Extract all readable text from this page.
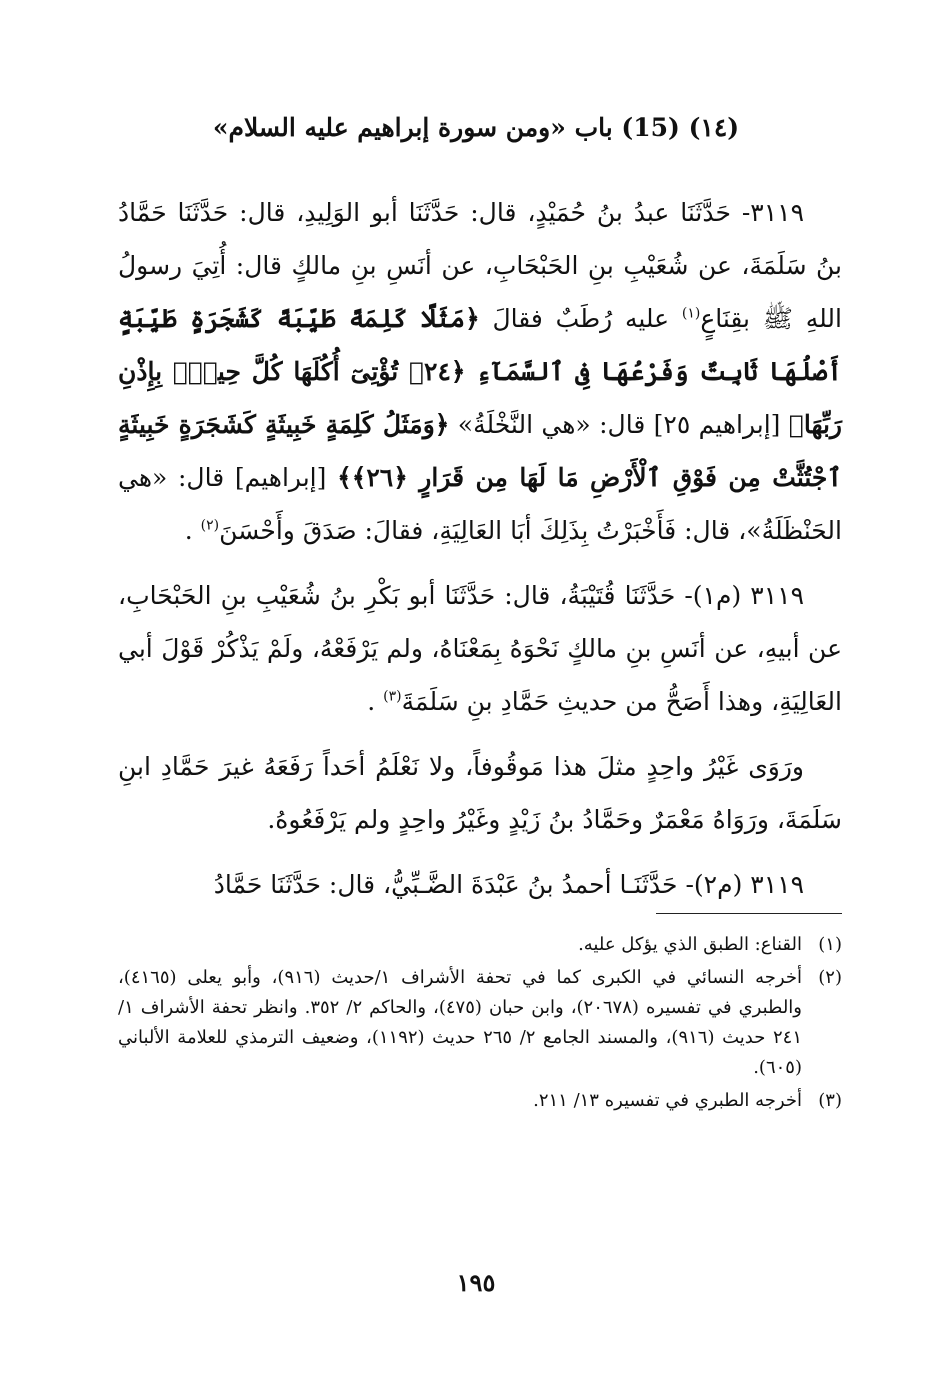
(١٤) (15) باب «ومن سورة إبراهيم عليه السلام»

٣١١٩- حَدَّثَنَا عبدُ بنُ حُمَيْدٍ، قال: حَدَّثَنَا أبو الوَلِيدِ، قال: حَدَّثَنَا حَمَّادُ بنُ سَلَمَةَ، عن شُعَيْبِ بنِ الحَبْحَابِ، عن أنَسِ بنِ مالكٍ قال: أُتِيَ رسولُ اللهِ ﷺ بقِنَاعٍ$^{(١)}$ عليه رُطَبٌ فقالَ ﴿مَثَلًا كَلِمَةً طَيِّبَةً كَشَجَرَةٍ طَيِّبَةٍ أَصْلُهَا ثَابِتٌ وَفَرْعُهَا فِى ٱلسَّمَآءِ ﴿٢٤﴾ تُؤْتِىٓ أُكُلَهَا كُلَّ حِينٍۭ بِإِذْنِ رَبِّهَا﴾ [إبراهيم ٢٥] قال: «هي النَّخْلَةُ» ﴿وَمَثَلُ كَلِمَةٍ خَبِيثَةٍ كَشَجَرَةٍ خَبِيثَةٍ ٱجْتُثَّتْ مِن فَوْقِ ٱلْأَرْضِ مَا لَهَا مِن قَرَارٍ ﴿٢٦﴾﴾ [إبراهيم] قال: «هي الحَنْظَلَةُ»، قال: فَأَخْبَرْتُ بِذَلِكَ أبَا العَالِيَةِ، فقالَ: صَدَقَ وأَحْسَنَ$^{(٢)}$ .

٣١١٩ (م١)- حَدَّثَنَا قُتَيْبَةُ، قال: حَدَّثَنَا أبو بَكْرِ بنُ شُعَيْبِ بنِ الحَبْحَابِ، عن أبيهِ، عن أنَسِ بنِ مالكٍ نَحْوَهُ بِمَعْنَاهُ، ولم يَرْفَعْهُ، ولَمْ يَذْكُرْ قَوْلَ أبي العَالِيَةِ، وهذا أَصَحُّ من حديثِ حَمَّادِ بنِ سَلَمَةَ$^{(٣)}$ .

ورَوَى غَيْرُ واحِدٍ مثلَ هذا مَوقُوفاً، ولا نَعْلَمُ أحَداً رَفَعَهُ غيرَ حَمَّادِ ابنِ سَلَمَةَ، ورَوَاهُ مَعْمَرٌ وحَمَّادُ بنُ زَيْدٍ وغَيْرُ واحِدٍ ولم يَرْفَعُوهُ.

٣١١٩ (م٢)- حَدَّثَنَـا أحمدُ بنُ عَبْدَةَ الضَّـبِّيُّ، قال: حَدَّثَنَا حَمَّادُ

(١)
القناع: الطبق الذي يؤكل عليه.
(٢)
أخرجه النسائي في الكبرى كما في تحفة الأشراف ١/حديث (٩١٦)، وأبو يعلى (٤١٦٥)، والطبري في تفسيره (٢٠٦٧٨)، وابن حبان (٤٧٥)، والحاكم ٢/ ٣٥٢. وانظر تحفة الأشراف ١/ ٢٤١ حديث (٩١٦)، والمسند الجامع ٢/ ٢٦٥ حديث (١١٩٢)، وضعيف الترمذي للعلامة الألباني (٦٠٥).
(٣)
أخرجه الطبري في تفسيره ١٣/ ٢١١.
١٩٥
